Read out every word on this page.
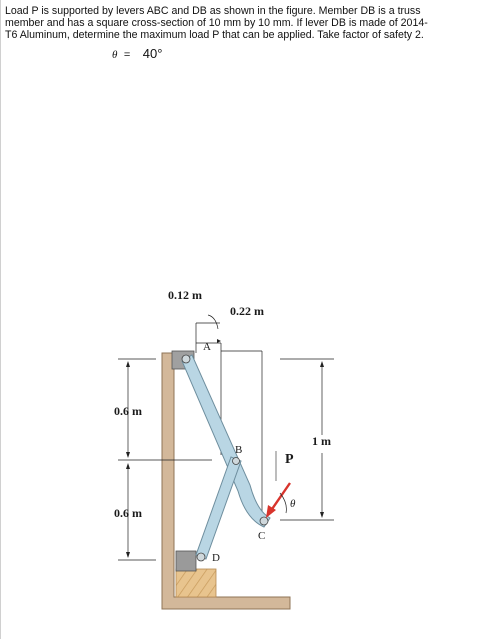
Load P is supported by levers ABC and DB as shown in the figure. Member DB is a truss
member and has a square cross-section of 10 mm by 10 mm. If lever DB is made of 2014-
T6 Aluminum, determine the maximum load P that can be applied. Take factor of safety 2.
θ = 40°
0.12 m
0.22 m
0.6 m
0.6 m
1 m
A
B
C
D
P
θ
